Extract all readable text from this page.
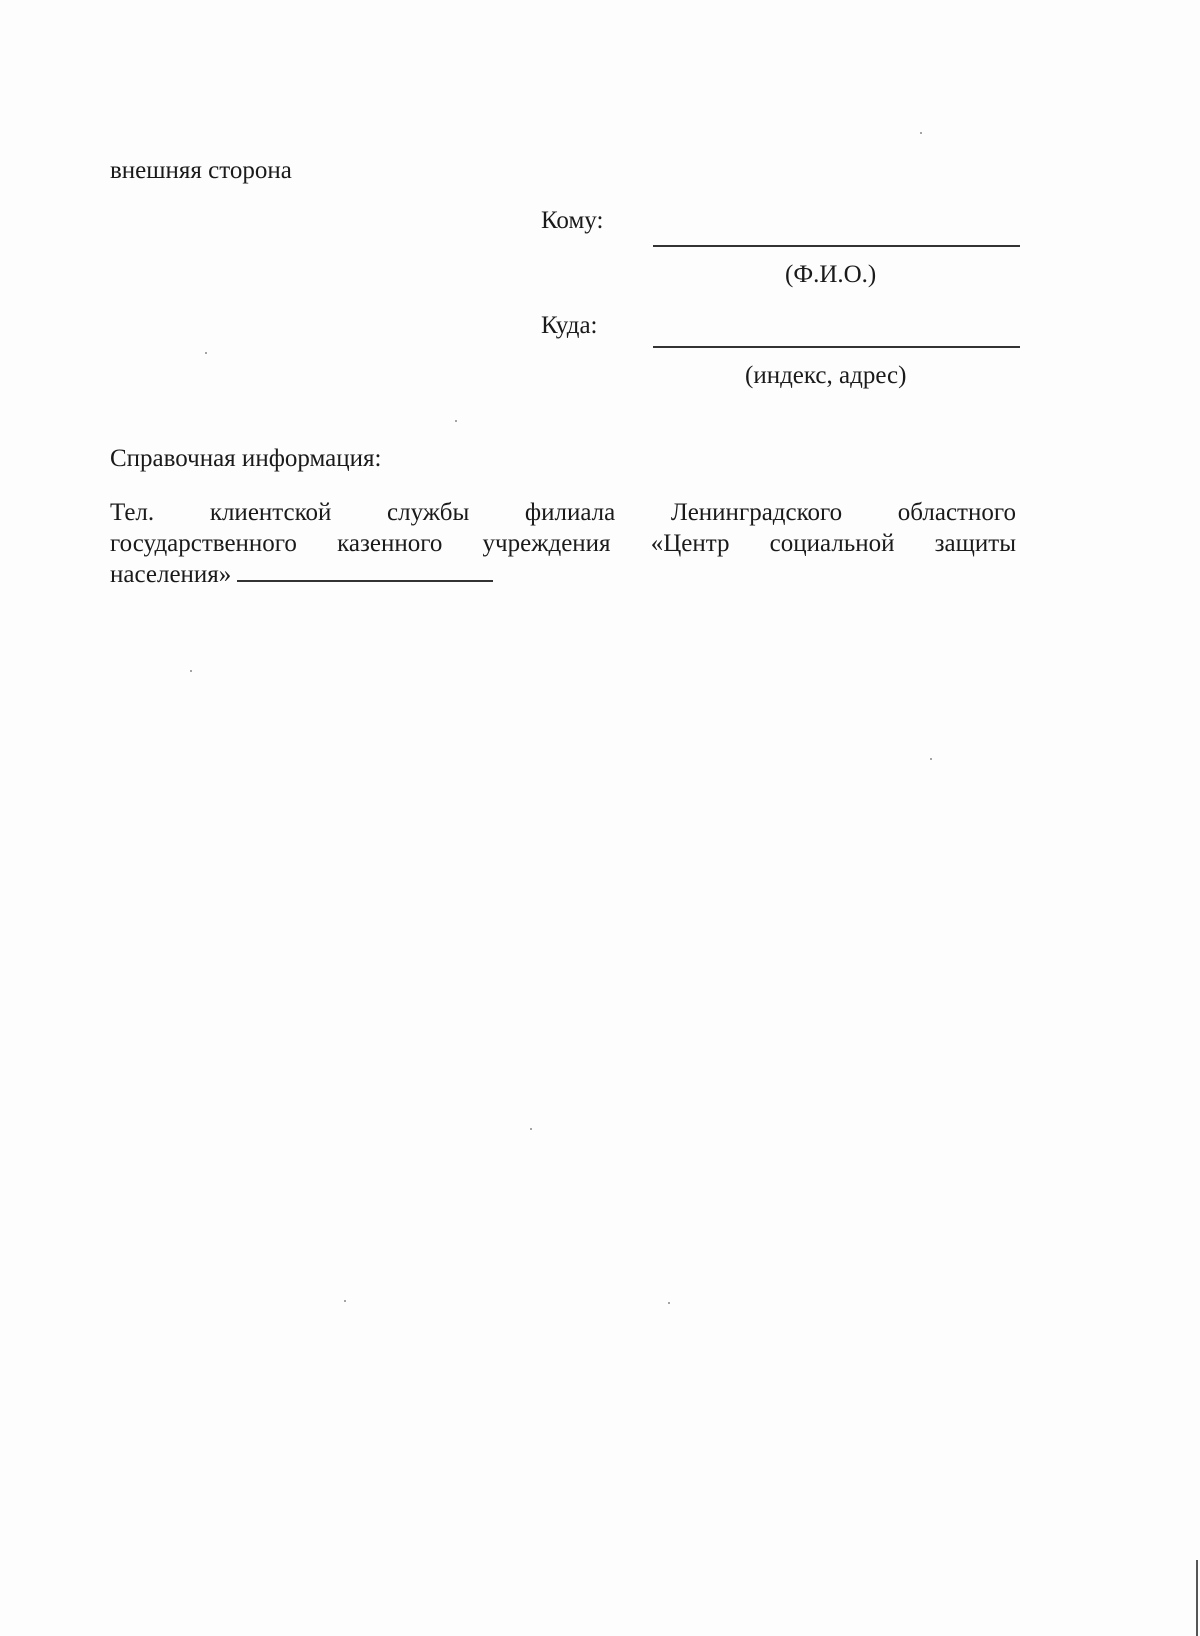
внешняя сторона
Кому:
(Ф.И.О.)
Куда:
(индекс, адрес)
Справочная информация:
Тел. клиентской службы филиала Ленинградского областного
государственного казенного учреждения «Центр социальной защиты
населения»
